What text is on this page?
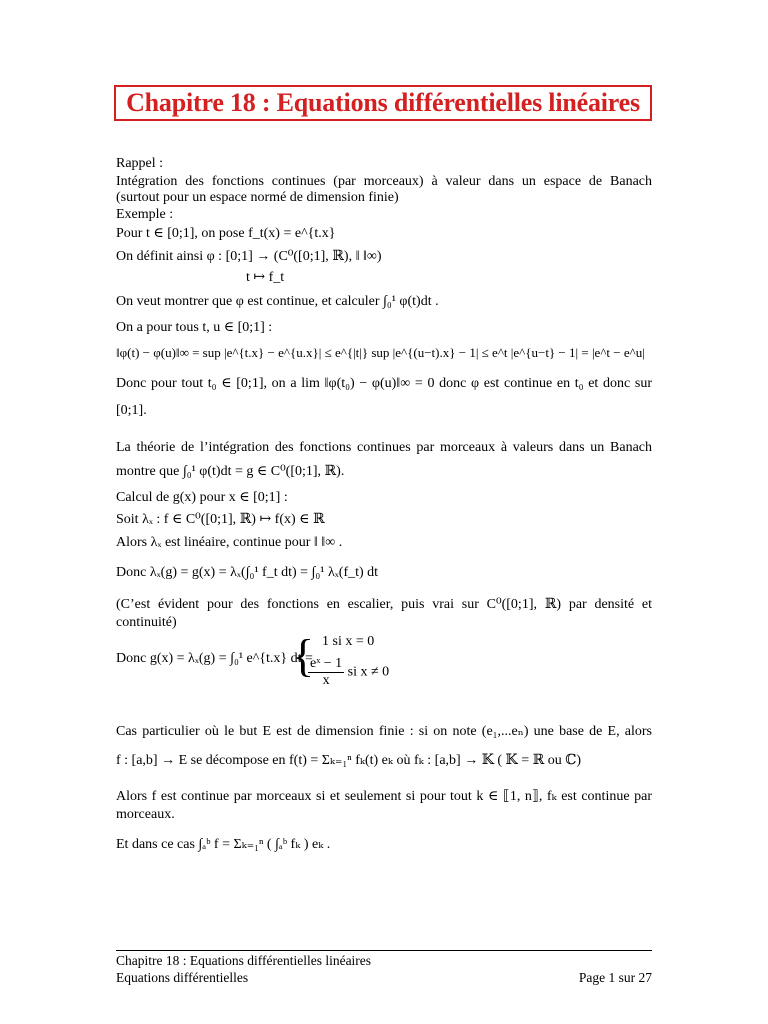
Chapitre 18 : Equations différentielles linéaires
Rappel :
Intégration des fonctions continues (par morceaux) à valeur dans un espace de Banach
(surtout pour un espace normé de dimension finie)
Exemple :
Pour t ∈ [0;1], on pose f_t(x) = e^{t.x}
On définit ainsi φ : [0;1] → (C⁰([0;1], ℝ), ‖ ‖∞)
t ↦ f_t
On veut montrer que φ est continue, et calculer ∫₀¹ φ(t)dt .
On a pour tous t, u ∈ [0;1] :
‖φ(t) − φ(u)‖∞ = sup |e^{t.x} − e^{u.x}| ≤ e^{|t|} sup |e^{(u−t).x} − 1| ≤ e^t |e^{u−t} − 1| = |e^t − e^u|
Donc pour tout t₀ ∈ [0;1], on a lim ‖φ(t₀) − φ(u)‖∞ = 0 donc φ est continue en t₀ et donc sur
[0;1].
La théorie de l’intégration des fonctions continues par morceaux à valeurs dans un Banach
montre que ∫₀¹ φ(t)dt = g ∈ C⁰([0;1], ℝ).
Calcul de g(x) pour x ∈ [0;1] :
Soit λₓ : f ∈ C⁰([0;1], ℝ) ↦ f(x) ∈ ℝ
Alors λₓ est linéaire, continue pour ‖ ‖∞ .
Donc λₓ(g) = g(x) = λₓ(∫₀¹ f_t dt) = ∫₀¹ λₓ(f_t) dt
(C’est évident pour des fonctions en escalier, puis vrai sur C⁰([0;1], ℝ) par densité et
continuité)
Donc g(x) = λₓ(g) = ∫₀¹ e^{t.x} dt =
{ 1 si x = 0
$\frac{\text{eˣ − 1}}{x}$ si x ≠ 0
Cas particulier où le but E est de dimension finie : si on note (e₁,...eₙ) une base de E, alors
f : [a,b] → E se décompose en f(t) = Σₖ₌₁ⁿ fₖ(t) eₖ où fₖ : [a,b] → 𝕂 ( 𝕂 = ℝ ou ℂ)
Alors f est continue par morceaux si et seulement si pour tout k ∈ ⟦1, n⟧, fₖ est continue par
morceaux.
Et dans ce cas ∫ₐᵇ f = Σₖ₌₁ⁿ ( ∫ₐᵇ fₖ ) eₖ .
Chapitre 18 : Equations différentielles linéaires
Equations différentielles	Page 1 sur 27
